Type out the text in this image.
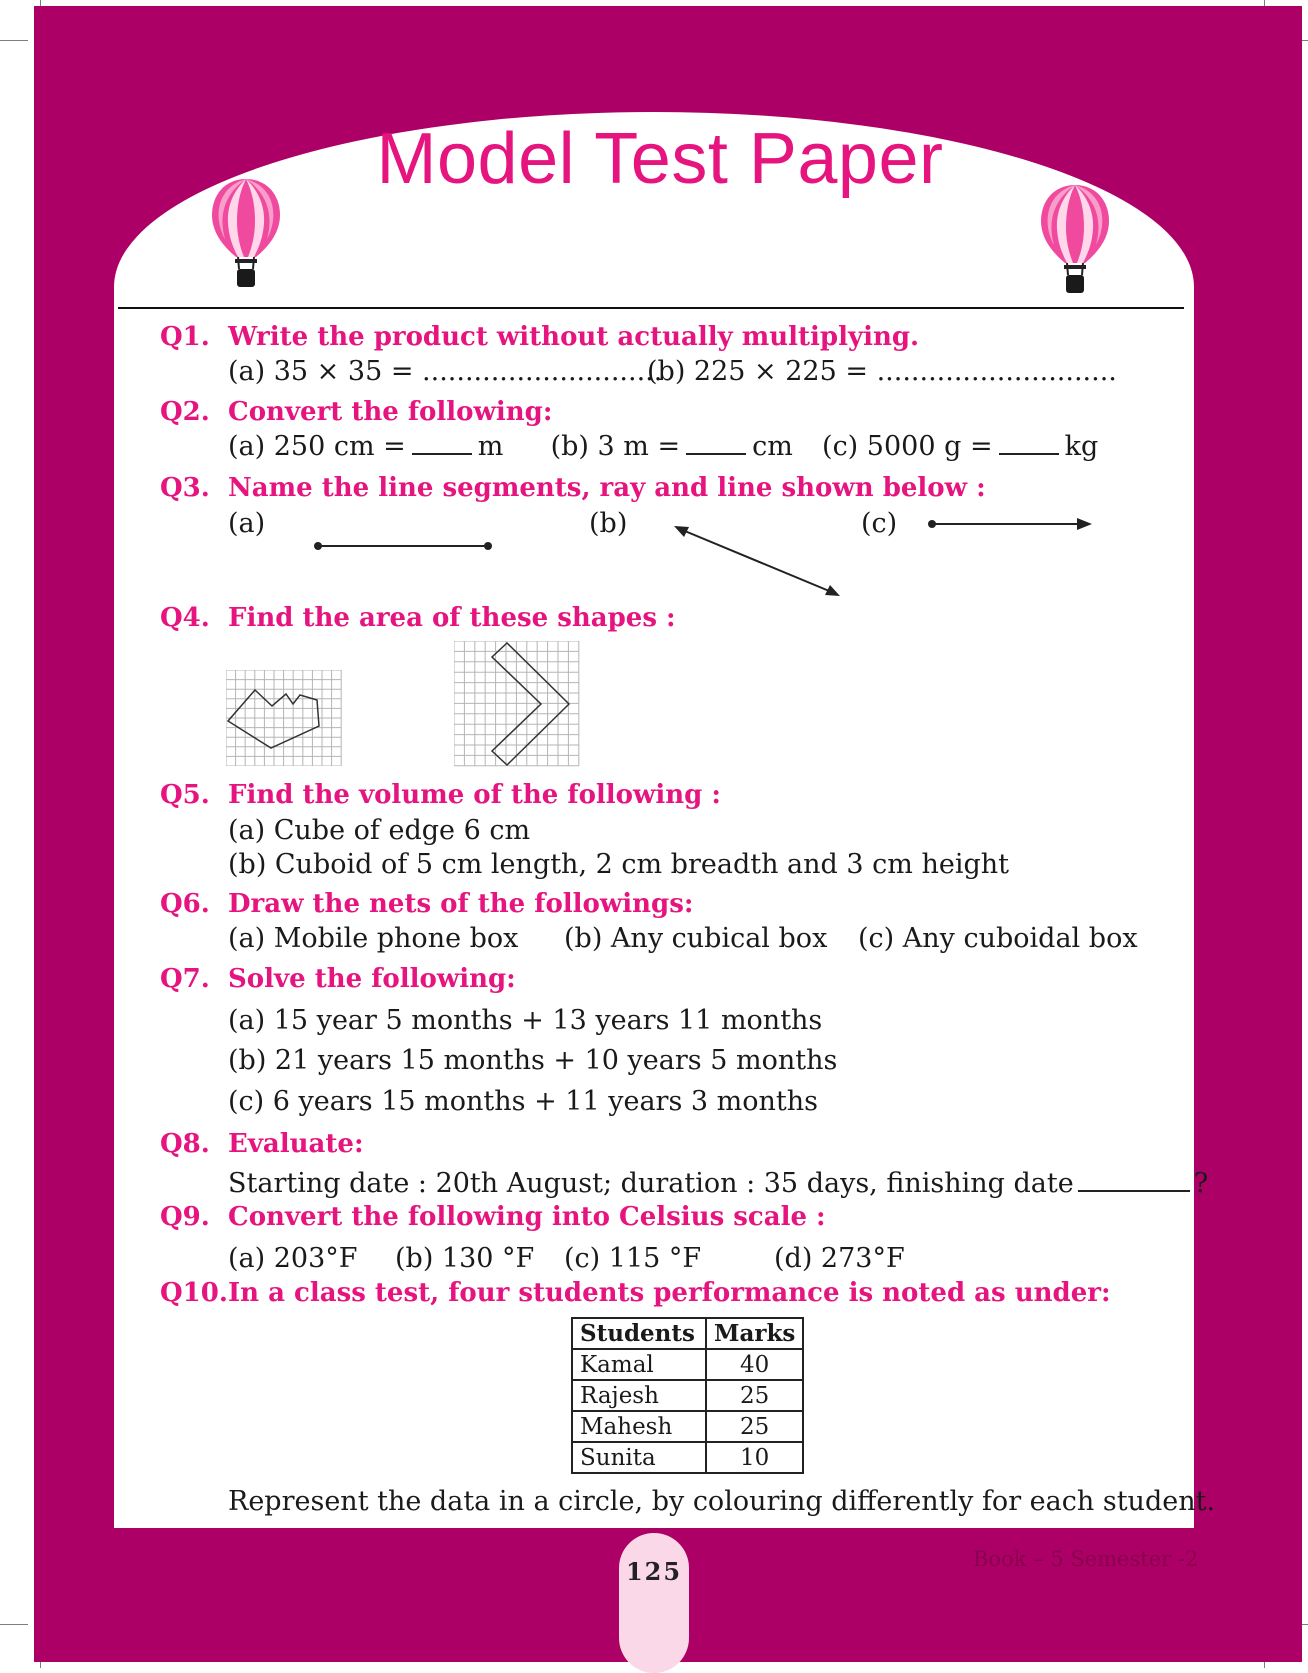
Model Test Paper
Q1. Write the product without actually multiplying.
(a) 35 × 35 = ............................
(b) 225 × 225 = ............................
Q2. Convert the following:
(a) 250 cm =	m (b) 3 m =	cm (c) 5000 g =	kg
Q3. Name the line segments, ray and line shown below :
(a)	(b)	(c)
Q4. Find the area of these shapes :
Q5. Find the volume of the following :
(a) Cube of edge 6 cm
(b) Cuboid of 5 cm length, 2 cm breadth and 3 cm height
Q6. Draw the nets of the followings:
(a) Mobile phone box (b) Any cubical box (c) Any cuboidal box
Q7. Solve the following:
(a) 15 year 5 months + 13 years 11 months
(b) 21 years 15 months + 10 years 5 months
(c) 6 years 15 months + 11 years 3 months
Q8. Evaluate:
Starting date : 20th August; duration : 35 days, finishing date	?
Q9. Convert the following into Celsius scale :
(a) 203°F (b) 130 °F (c) 115 °F	(d) 273°F
Q10. In a class test, four students performance is noted as under:
Students	Marks
Kamal	40
Rajesh	25
Mahesh	25
Sunita	10
Represent the data in a circle, by colouring differently for each student.
125	Book – 5 Semester -2
